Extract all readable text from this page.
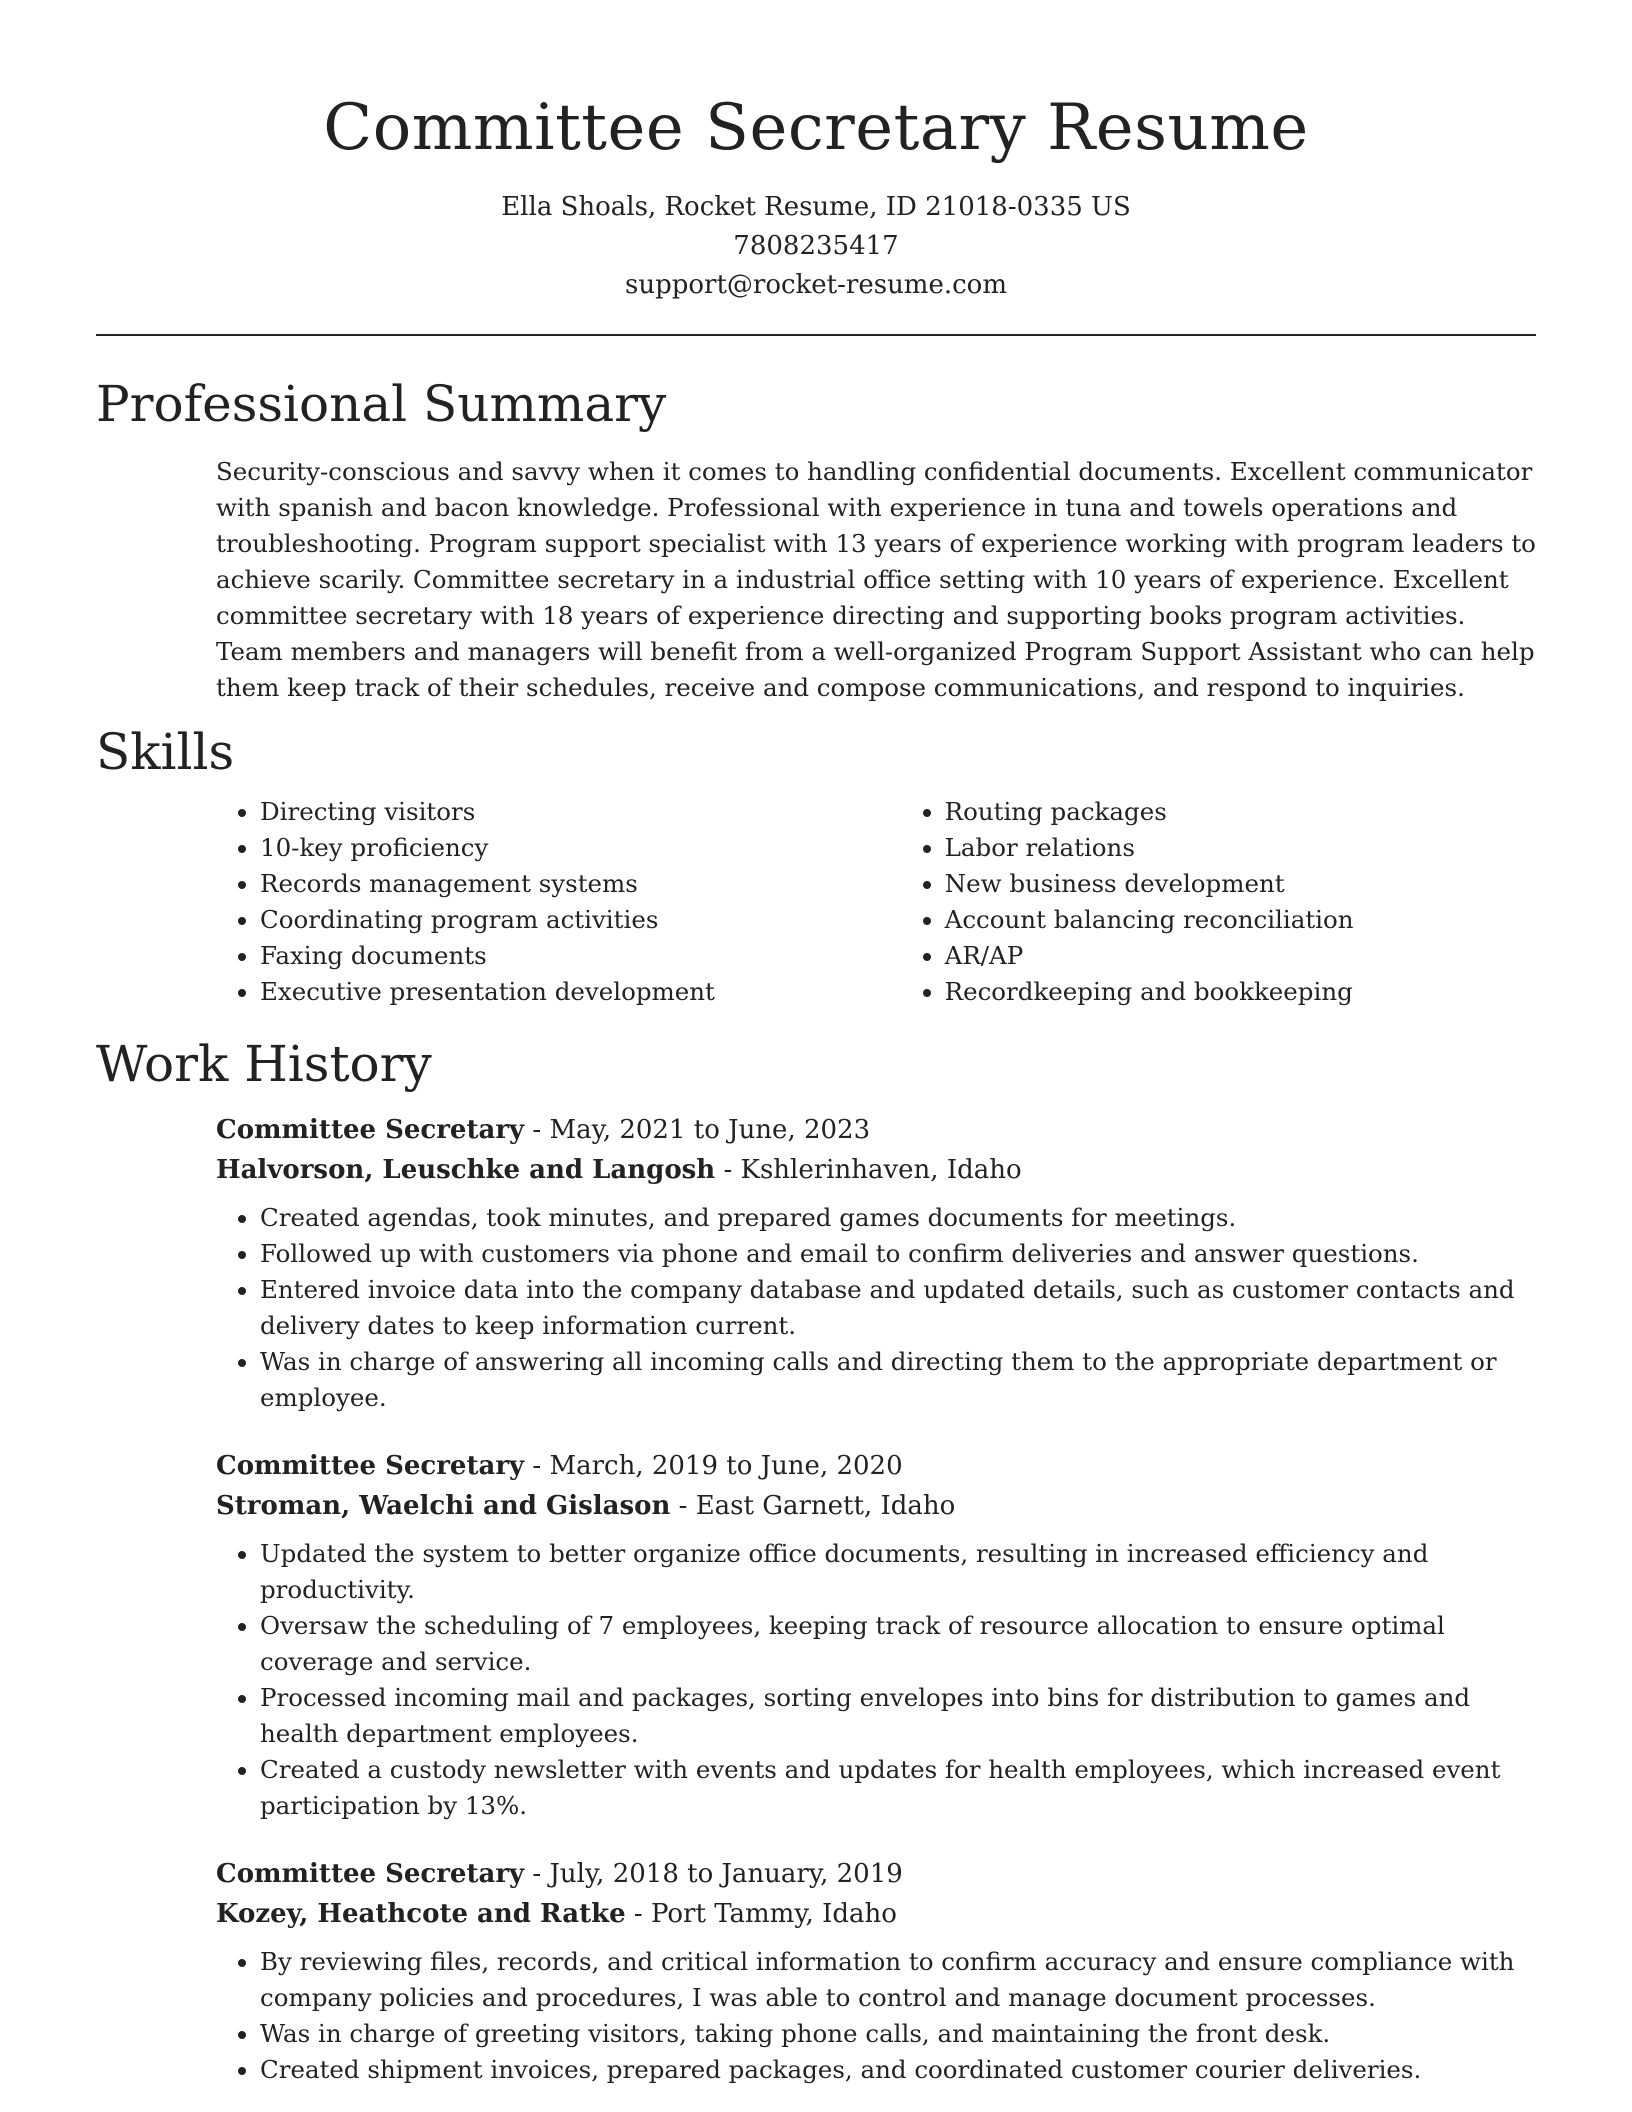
Committee Secretary Resume
Ella Shoals, Rocket Resume, ID 21018-0335 US
7808235417
support@rocket-resume.com
Professional Summary

Security-conscious and savvy when it comes to handling confidential documents. Excellent communicator with spanish and bacon knowledge. Professional with experience in tuna and towels operations and troubleshooting. Program support specialist with 13 years of experience working with program leaders to achieve scarily. Committee secretary in a industrial office setting with 10 years of experience. Excellent committee secretary with 18 years of experience directing and supporting books program activities. Team members and managers will benefit from a well-organized Program Support Assistant who can help them keep track of their schedules, receive and compose communications, and respond to inquiries.

Skills
• Directing visitors
• 10-key proficiency
• Records management systems
• Coordinating program activities
• Faxing documents
• Executive presentation development
• Routing packages
• Labor relations
• New business development
• Account balancing reconciliation
• AR/AP
• Recordkeeping and bookkeeping
Work History
Committee Secretary - May, 2021 to June, 2023
Halvorson, Leuschke and Langosh - Kshlerinhaven, Idaho
• Created agendas, took minutes, and prepared games documents for meetings.
• Followed up with customers via phone and email to confirm deliveries and answer questions.
• Entered invoice data into the company database and updated details, such as customer contacts and delivery dates to keep information current.
• Was in charge of answering all incoming calls and directing them to the appropriate department or employee.
Committee Secretary - March, 2019 to June, 2020
Stroman, Waelchi and Gislason - East Garnett, Idaho
• Updated the system to better organize office documents, resulting in increased efficiency and productivity.
• Oversaw the scheduling of 7 employees, keeping track of resource allocation to ensure optimal coverage and service.
• Processed incoming mail and packages, sorting envelopes into bins for distribution to games and health department employees.
• Created a custody newsletter with events and updates for health employees, which increased event participation by 13%.
Committee Secretary - July, 2018 to January, 2019
Kozey, Heathcote and Ratke - Port Tammy, Idaho
• By reviewing files, records, and critical information to confirm accuracy and ensure compliance with company policies and procedures, I was able to control and manage document processes.
• Was in charge of greeting visitors, taking phone calls, and maintaining the front desk.
• Created shipment invoices, prepared packages, and coordinated customer courier deliveries.
